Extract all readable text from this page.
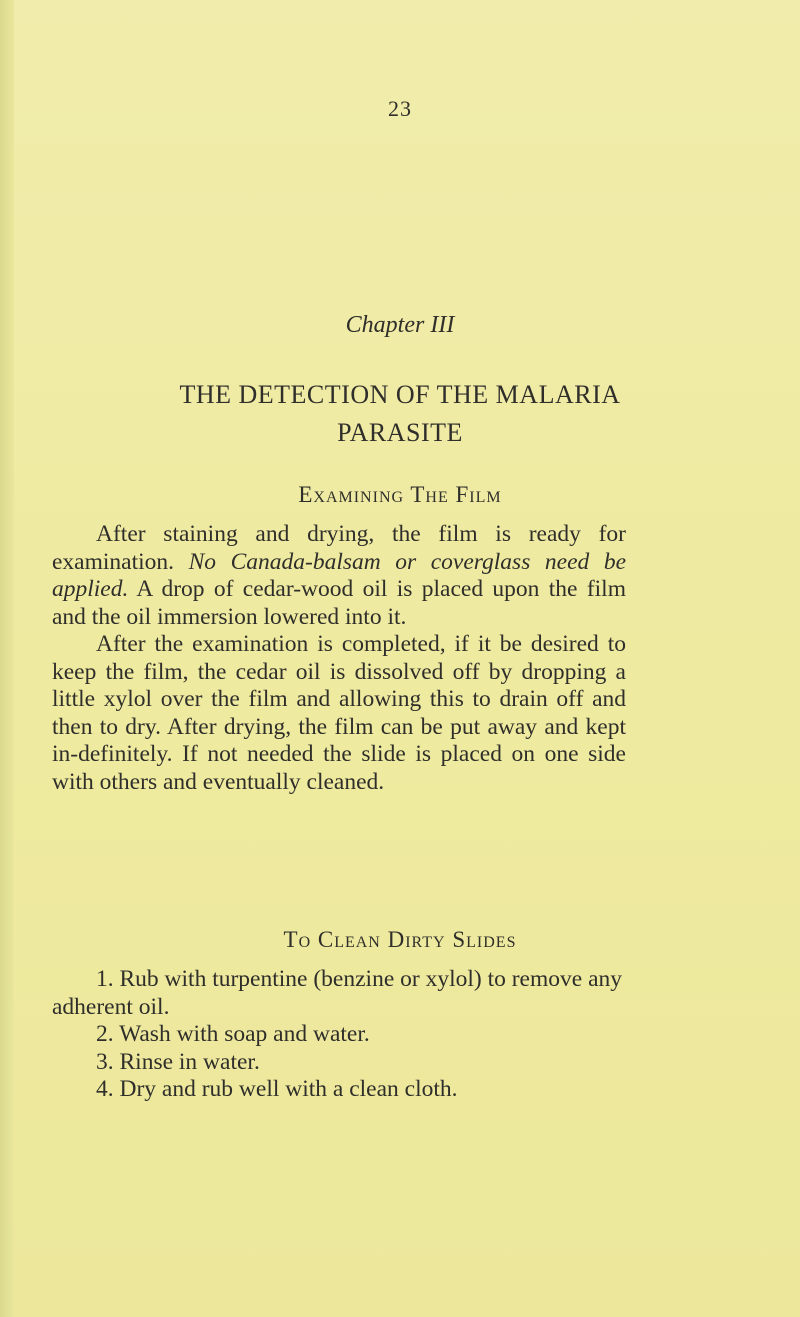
23
Chapter III
THE DETECTION OF THE MALARIA
PARASITE
Examining The Film

After staining and drying, the film is ready for examination. No Canada-balsam or coverglass need be applied. A drop of cedar-wood oil is placed upon the film and the oil immersion lowered into it.

After the examination is completed, if it be desired to keep the film, the cedar oil is dissolved off by dropping a little xylol over the film and allowing this to drain off and then to dry. After drying, the film can be put away and kept in-definitely. If not needed the slide is placed on one side with others and eventually cleaned.

To Clean Dirty Slides

1. Rub with turpentine (benzine or xylol) to remove any adherent oil.

2. Wash with soap and water.

3. Rinse in water.

4. Dry and rub well with a clean cloth.
